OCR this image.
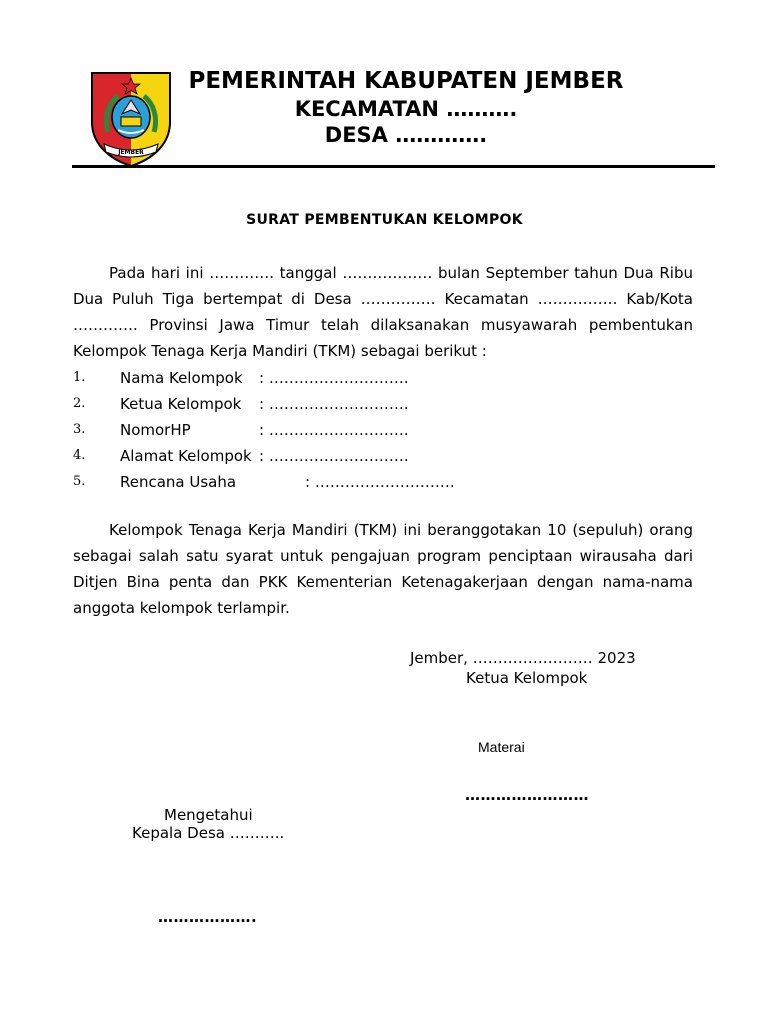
JEMBER
PEMERINTAH KABUPATEN JEMBER
KECAMATAN ……….
DESA ………….
SURAT PEMBENTUKAN KELOMPOK
Pada hari ini …………. tanggal ……………… bulan September tahun Dua Ribu Dua Puluh Tiga bertempat di Desa …………… Kecamatan ……………. Kab/Kota …………. Provinsi Jawa Timur telah dilaksanakan musyawarah pembentukan Kelompok Tenaga Kerja Mandiri (TKM) sebagai berikut :
1. Nama Kelompok : ……………………….
2. Ketua Kelompok : ……………………….
3. NomorHP	: ……………………….
4. Alamat Kelompok : ……………………….
5. Rencana Usaha	: ……………………….
Kelompok Tenaga Kerja Mandiri (TKM) ini beranggotakan 10 (sepuluh) orang sebagai salah satu syarat untuk pengajuan program penciptaan wirausaha dari Ditjen Bina penta dan PKK Kementerian Ketenagakerjaan dengan nama-nama anggota kelompok terlampir.
Jember, …………………… 2023
Ketua Kelompok
Materai
……………………
Mengetahui
Kepala Desa ………..
……………….
